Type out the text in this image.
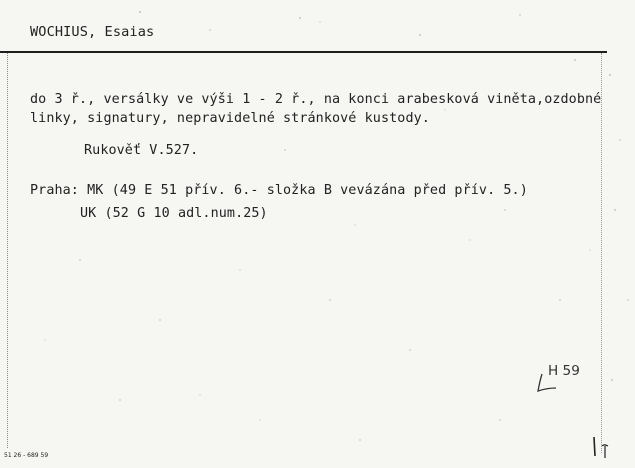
WOCHIUS, Esaias
do 3 ř., versálky ve výši 1 - 2 ř., na konci arabesková viněta,ozdobné
linky, signatury, nepravidelné stránkové kustody.
Rukověť V.527.
Praha: MK (49 E 51 přív. 6.- složka B vevázána před přív. 5.)
UK (52 G 10 adl.num.25)
H 59
51 26 - 689 59
